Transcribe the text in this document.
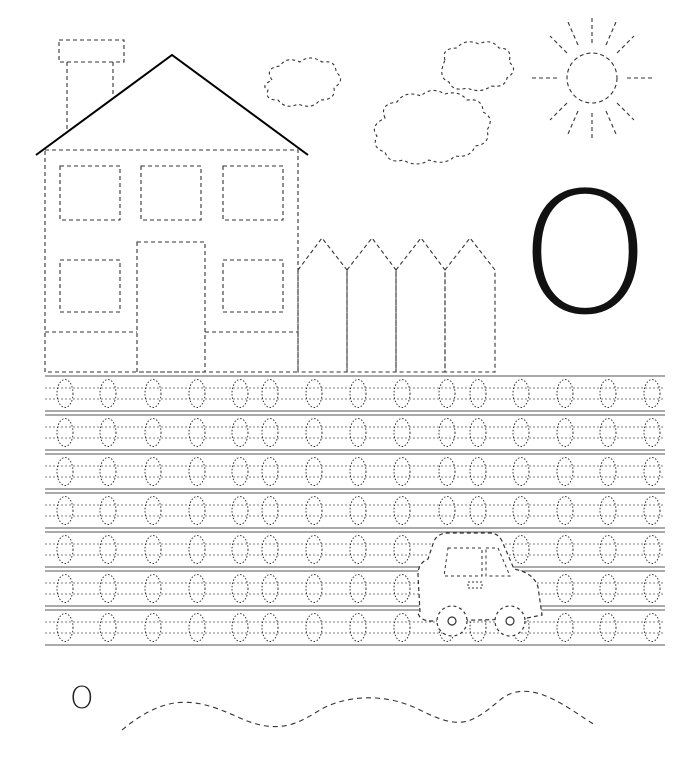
O
O
